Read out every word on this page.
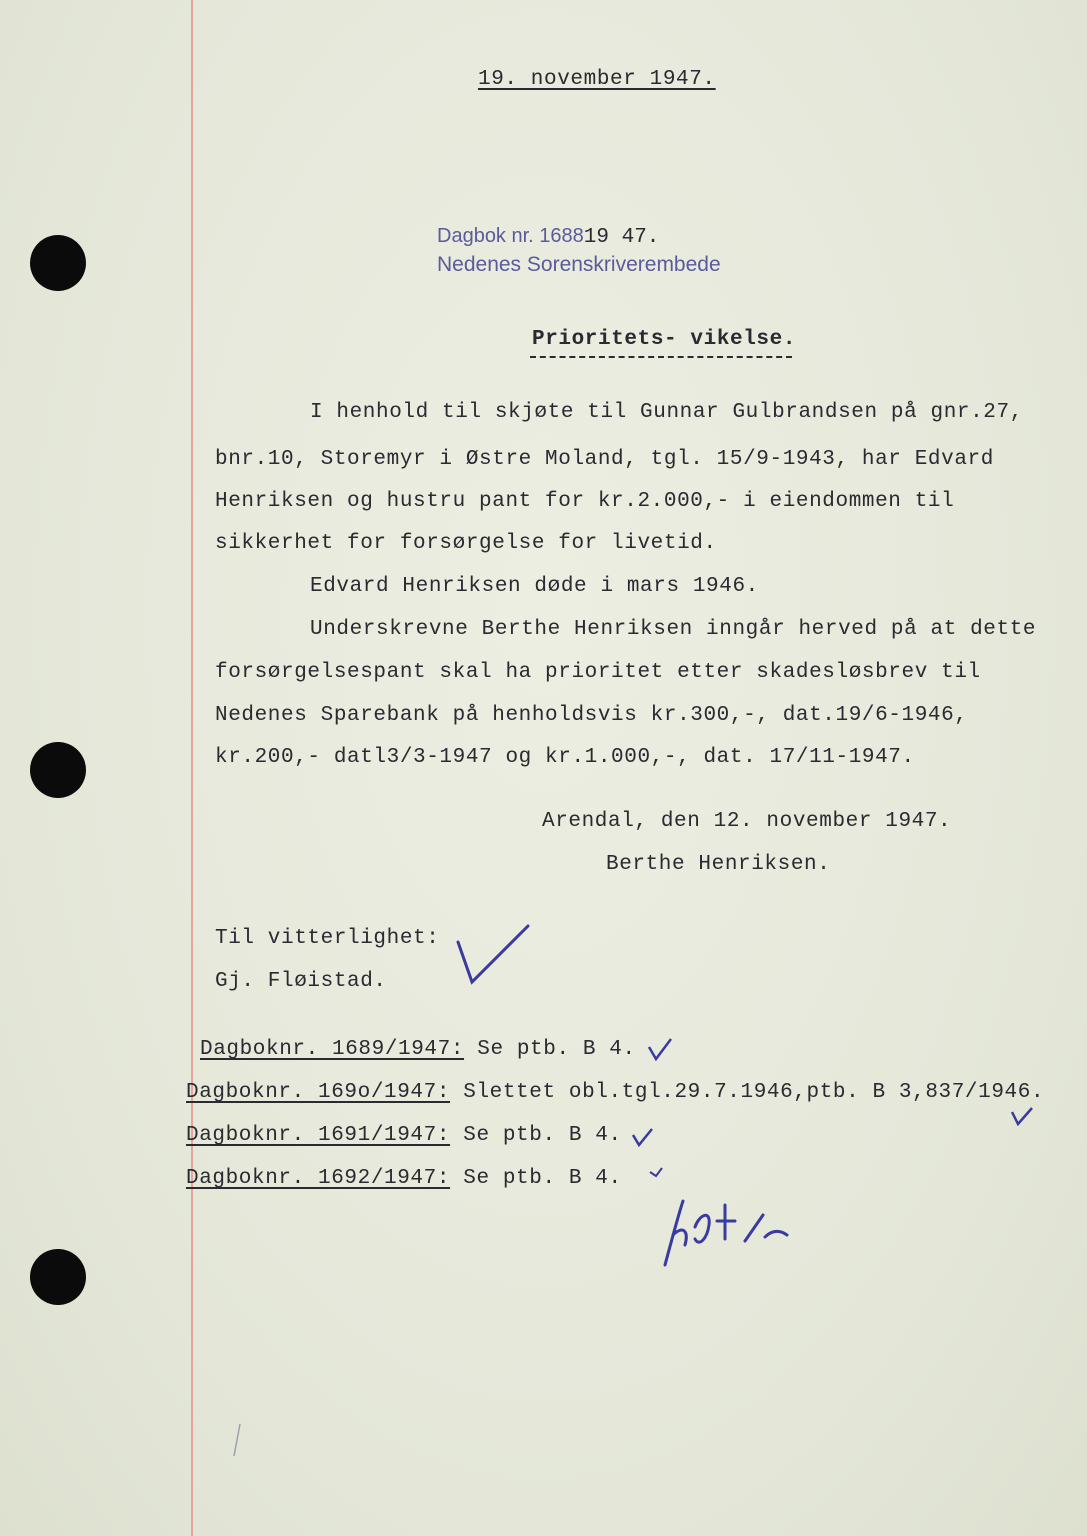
19. november 1947.
Dagbok nr. 168819 47.
Nedenes Sorenskriverembede
Prioritets- vikelse.
I henhold til skjøte til Gunnar Gulbrandsen på gnr.27,
bnr.10, Storemyr i Østre Moland, tgl. 15/9-1943, har Edvard
Henriksen og hustru pant for kr.2.000,- i eiendommen til
sikkerhet for forsørgelse for livetid.
Edvard Henriksen døde i mars 1946.
Underskrevne Berthe Henriksen inngår herved på at dette
forsørgelsespant skal ha prioritet etter skadesløsbrev til
Nedenes Sparebank på henholdsvis kr.300,-, dat.19/6-1946,
kr.200,- datl3/3-1947 og kr.1.000,-, dat. 17/11-1947.
Arendal, den 12. november 1947.
Berthe Henriksen.
Til vitterlighet:
Gj. Fløistad.
Dagboknr. 1689/1947: Se ptb. B 4.
Dagboknr. 169o/1947: Slettet obl.tgl.29.7.1946,ptb. B 3,837/1946.
Dagboknr. 1691/1947: Se ptb. B 4.
Dagboknr. 1692/1947: Se ptb. B 4.
